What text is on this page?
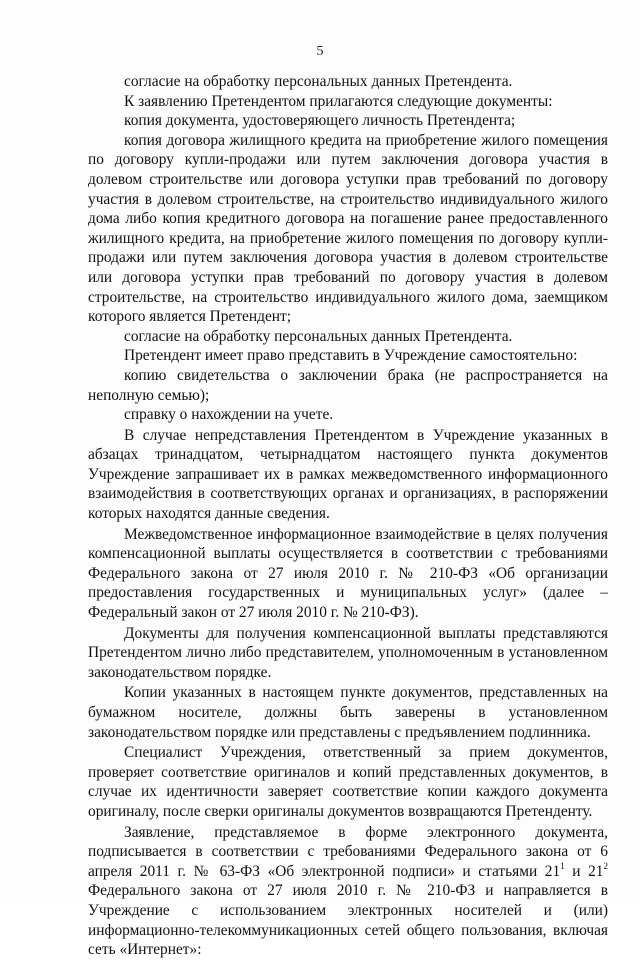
5

согласие на обработку персональных данных Претендента.

К заявлению Претендентом прилагаются следующие документы:

копия документа, удостоверяющего личность Претендента;

копия договора жилищного кредита на приобретение жилого помещения по договору купли-продажи или путем заключения договора участия в долевом строительстве или договора уступки прав требований по договору участия в долевом строительстве, на строительство индивидуального жилого дома либо копия кредитного договора на погашение ранее предоставленного жилищного кредита, на приобретение жилого помещения по договору купли-продажи или путем заключения договора участия в долевом строительстве или договора уступки прав требований по договору участия в долевом строительстве, на строительство индивидуального жилого дома, заемщиком которого является Претендент;

согласие на обработку персональных данных Претендента.

Претендент имеет право представить в Учреждение самостоятельно:

копию свидетельства о заключении брака (не распространяется на неполную семью);

справку о нахождении на учете.

В случае непредставления Претендентом в Учреждение указанных в абзацах тринадцатом, четырнадцатом настоящего пункта документов Учреждение запрашивает их в рамках межведомственного информационного взаимодействия в соответствующих органах и организациях, в распоряжении которых находятся данные сведения.

Межведомственное информационное взаимодействие в целях получения компенсационной выплаты осуществляется в соответствии с требованиями Федерального закона от 27 июля 2010 г. № 210-ФЗ «Об организации предоставления государственных и муниципальных услуг» (далее – Федеральный закон от 27 июля 2010 г. № 210-ФЗ).

Документы для получения компенсационной выплаты представляются Претендентом лично либо представителем, уполномоченным в установленном законодательством порядке.

Копии указанных в настоящем пункте документов, представленных на бумажном носителе, должны быть заверены в установленном законодательством порядке или представлены с предъявлением подлинника.

Специалист Учреждения, ответственный за прием документов, проверяет соответствие оригиналов и копий представленных документов, в случае их идентичности заверяет соответствие копии каждого документа оригиналу, после сверки оригиналы документов возвращаются Претенденту.

Заявление, представляемое в форме электронного документа, подписывается в соответствии с требованиями Федерального закона от 6 апреля 2011 г. № 63-ФЗ «Об электронной подписи» и статьями $21^1$ и $21^2$ Федерального закона от 27 июля 2010 г. № 210-ФЗ и направляется в Учреждение с использованием электронных носителей и (или) информационно-телекоммуникационных сетей общего пользования, включая сеть «Интернет»:
